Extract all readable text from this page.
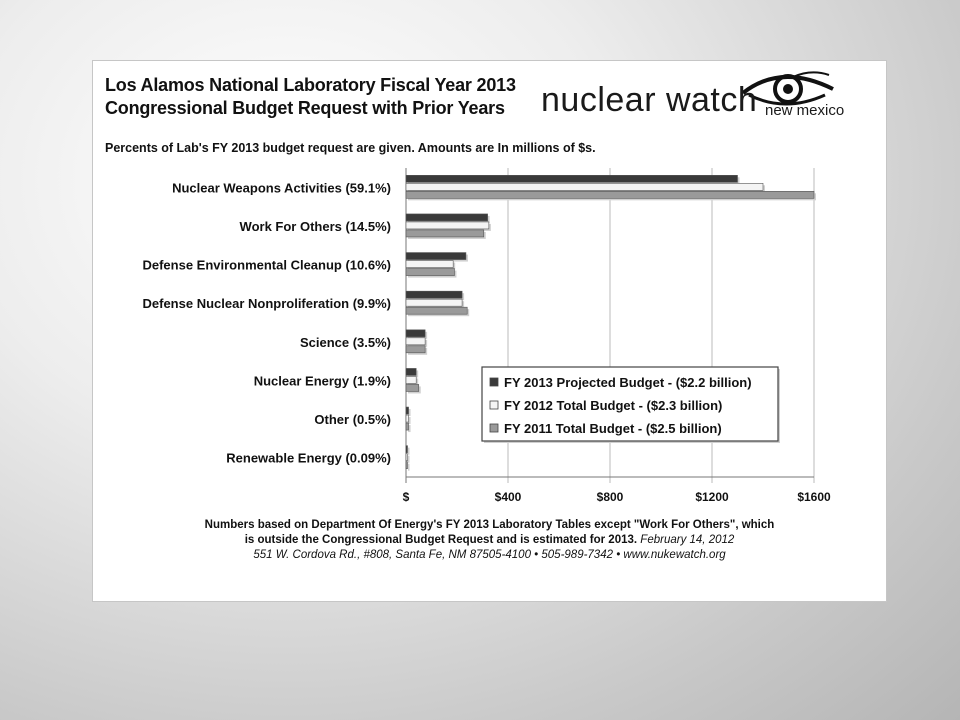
Los Alamos National Laboratory Fiscal Year 2013
Congressional Budget Request with Prior Years	nuclear watch new mexico
Percents of Lab's FY 2013 budget request are given. Amounts are In millions of $s.
$	$400	$800	$1200	$1600
Nuclear Weapons Activities (59.1%)
Work For Others (14.5%)
Defense Environmental Cleanup (10.6%)
Defense Nuclear Nonproliferation (9.9%)
Science (3.5%)
Nuclear Energy (1.9%)
Other (0.5%)
Renewable Energy (0.09%)
FY 2013 Projected Budget - ($2.2 billion)
FY 2012 Total Budget - ($2.3 billion)
FY 2011 Total Budget - ($2.5 billion)
Numbers based on Department Of Energy's FY 2013 Laboratory Tables except "Work For Others", which
is outside the Congressional Budget Request and is estimated for 2013. February 14, 2012
551 W. Cordova Rd., #808, Santa Fe, NM 87505-4100 • 505-989-7342 • www.nukewatch.org
